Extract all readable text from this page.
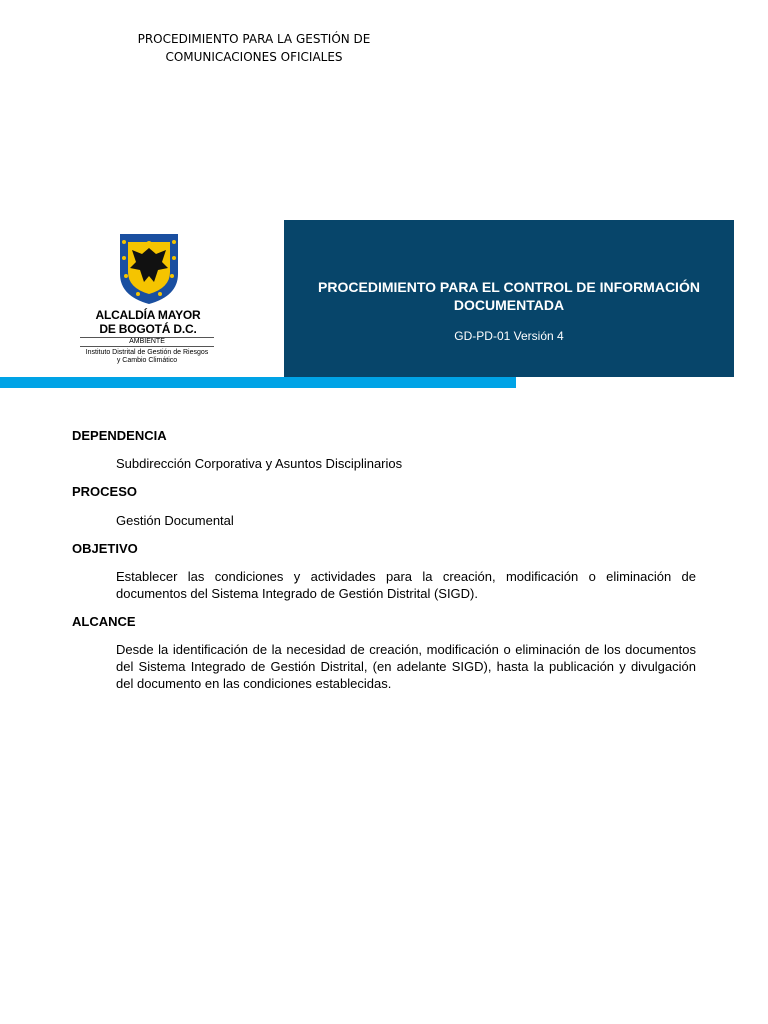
PROCEDIMIENTO PARA LA GESTIÓN DE
COMUNICACIONES OFICIALES
ALCALDÍA MAYOR
DE BOGOTÁ D.C.
AMBIENTE
Instituto Distrital de Gestión de Riesgos
y Cambio Climático
PROCEDIMIENTO PARA EL CONTROL DE INFORMACIÓN DOCUMENTADA
GD-PD-01 Versión 4
DEPENDENCIA
Subdirección Corporativa y Asuntos Disciplinarios
PROCESO
Gestión Documental
OBJETIVO
Establecer las condiciones y actividades para la creación, modificación o eliminación de documentos del Sistema Integrado de Gestión Distrital (SIGD).
ALCANCE
Desde la identificación de la necesidad de creación, modificación o eliminación de los documentos del Sistema Integrado de Gestión Distrital, (en adelante SIGD), hasta la publicación y divulgación del documento en las condiciones establecidas.
